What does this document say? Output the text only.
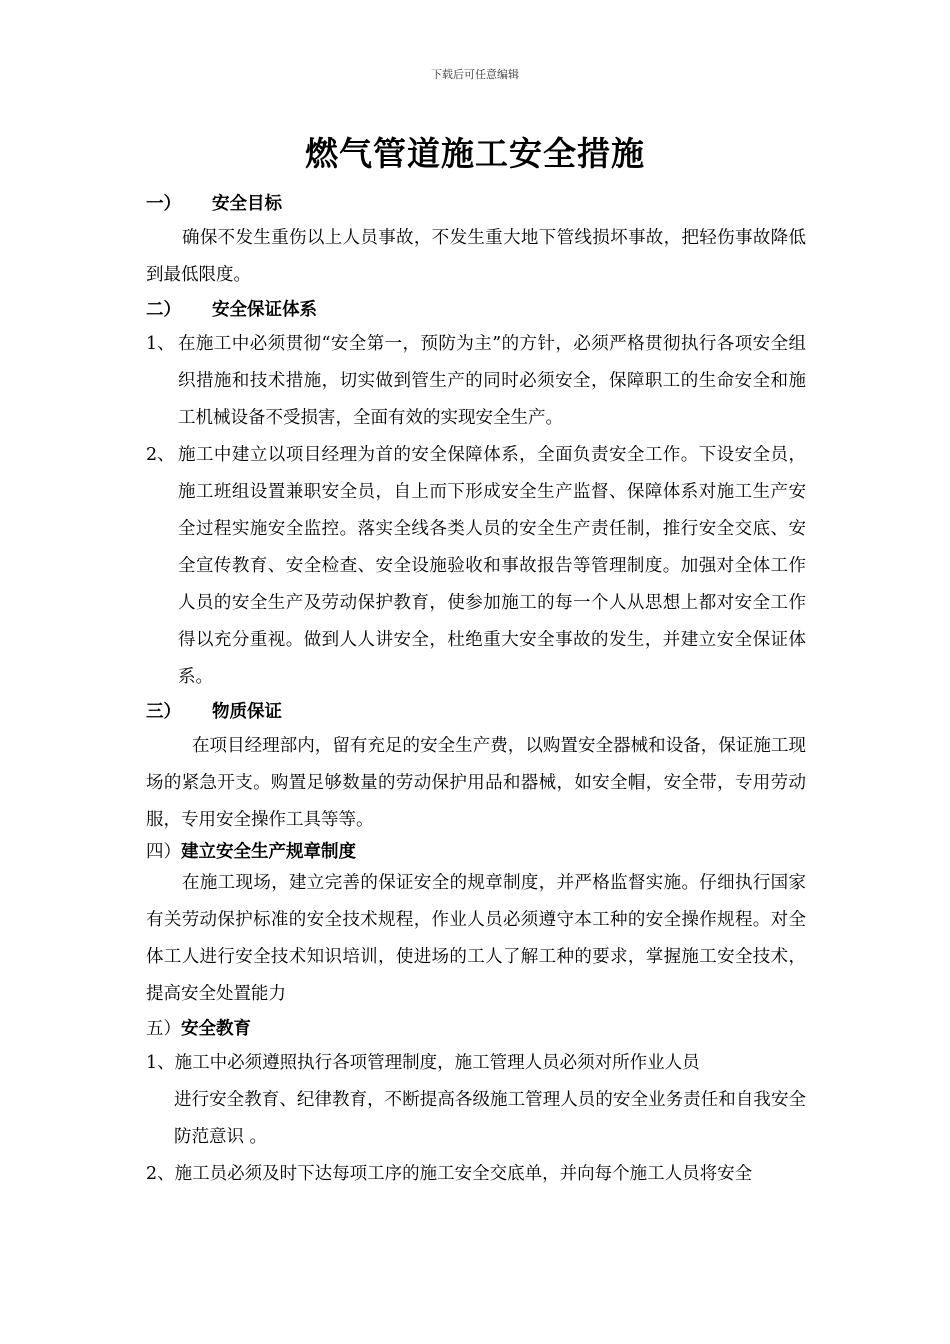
下载后可任意编辑
燃气管道施工安全措施
一） 安全目标
确保不发生重伤以上人员事故，不发生重大地下管线损坏事故，把轻伤事故降低到最低限度。
二） 安全保证体系
1、 在施工中必须贯彻“安全第一，预防为主”的方针，必须严格贯彻执行各项安全组织措施和技术措施，切实做到管生产的同时必须安全，保障职工的生命安全和施工机械设备不受损害，全面有效的实现安全生产。
2、 施工中建立以项目经理为首的安全保障体系，全面负责安全工作。下设安全员，施工班组设置兼职安全员，自上而下形成安全生产监督、保障体系对施工生产安全过程实施安全监控。落实全线各类人员的安全生产责任制，推行安全交底、安全宣传教育、安全检查、安全设施验收和事故报告等管理制度。加强对全体工作人员的安全生产及劳动保护教育，使参加施工的每一个人从思想上都对安全工作得以充分重视。做到人人讲安全，杜绝重大安全事故的发生，并建立安全保证体系。
三） 物质保证
在项目经理部内，留有充足的安全生产费，以购置安全器械和设备，保证施工现场的紧急开支。购置足够数量的劳动保护用品和器械，如安全帽，安全带，专用劳动服，专用安全操作工具等等。
四）建立安全生产规章制度
在施工现场，建立完善的保证安全的规章制度，并严格监督实施。仔细执行国家有关劳动保护标准的安全技术规程，作业人员必须遵守本工种的安全操作规程。对全体工人进行安全技术知识培训，使进场的工人了解工种的要求，掌握施工安全技术，提高安全处置能力
五）安全教育
1、施工中必须遵照执行各项管理制度，施工管理人员必须对所作业人员
进行安全教育、纪律教育，不断提高各级施工管理人员的安全业务责任和自我安全防范意识 。
2、施工员必须及时下达每项工序的施工安全交底单，并向每个施工人员将安全
